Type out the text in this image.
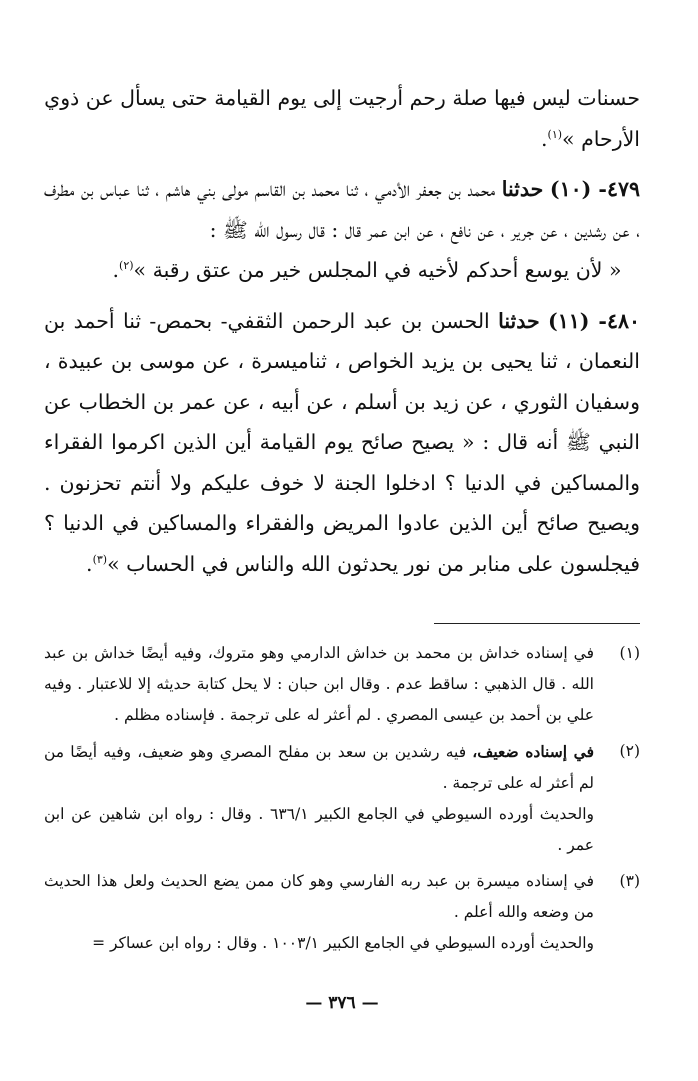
حسنات ليس فيها صلة رحم أرجيت إلى يوم القيامة حتى يسأل عن ذوي
الأرحام »$^{(١)}$.

٤٧٩- (١٠) حدثنا محمد بن جعفر الأدمي ، ثنا محمد بن القاسم مولى بني هاشم ، ثنا عباس بن مطرف ، عن رشدين ، عن جرير ، عن نافع ، عن ابن عمر قال : قال رسول الله ﷺ :

« لأن يوسع أحدكم لأخيه في المجلس خير من عتق رقبة »$^{(٢)}$.

٤٨٠- (١١) حدثنا الحسن بن عبد الرحمن الثقفي- بحمص- ثنا أحمد بن النعمان ، ثنا يحيى بن يزيد الخواص ، ثناميسرة ، عن موسى بن عبيدة ، وسفيان الثوري ، عن زيد بن أسلم ، عن أبيه ، عن عمر بن الخطاب عن النبي ﷺ أنه قال : « يصيح صائح يوم القيامة أين الذين اكرموا الفقراء والمساكين في الدنيا ؟ ادخلوا الجنة لا خوف عليكم ولا أنتم تحزنون . ويصيح صائح أين الذين عادوا المريض والفقراء والمساكين في الدنيا ؟ فيجلسون على منابر من نور يحدثون الله والناس في الحساب »$^{(٣)}$.

(١)

في إسناده خداش بن محمد بن خداش الدارمي وهو متروك، وفيه أيضًا خداش بن عبد الله . قال الذهبي : ساقط عدم . وقال ابن حبان : لا يحل كتابة حديثه إلا للاعتبار . وفيه علي بن أحمد بن عيسى المصري . لم أعثر له على ترجمة . فإسناده مظلم .

(٢)

في إسناده ضعيف، فيه رشدين بن سعد بن مفلح المصري وهو ضعيف، وفيه أيضًا من لم أعثر له على ترجمة .

والحديث أورده السيوطي في الجامع الكبير ٦٣٦/١ . وقال : رواه ابن شاهين عن ابن عمر .

(٣)

في إسناده ميسرة بن عبد ربه الفارسي وهو كان ممن يضع الحديث ولعل هذا الحديث من وضعه والله أعلم .

والحديث أورده السيوطي في الجامع الكبير ١٠٠٣/١ . وقال : رواه ابن عساكر =

— ٣٧٦ —
